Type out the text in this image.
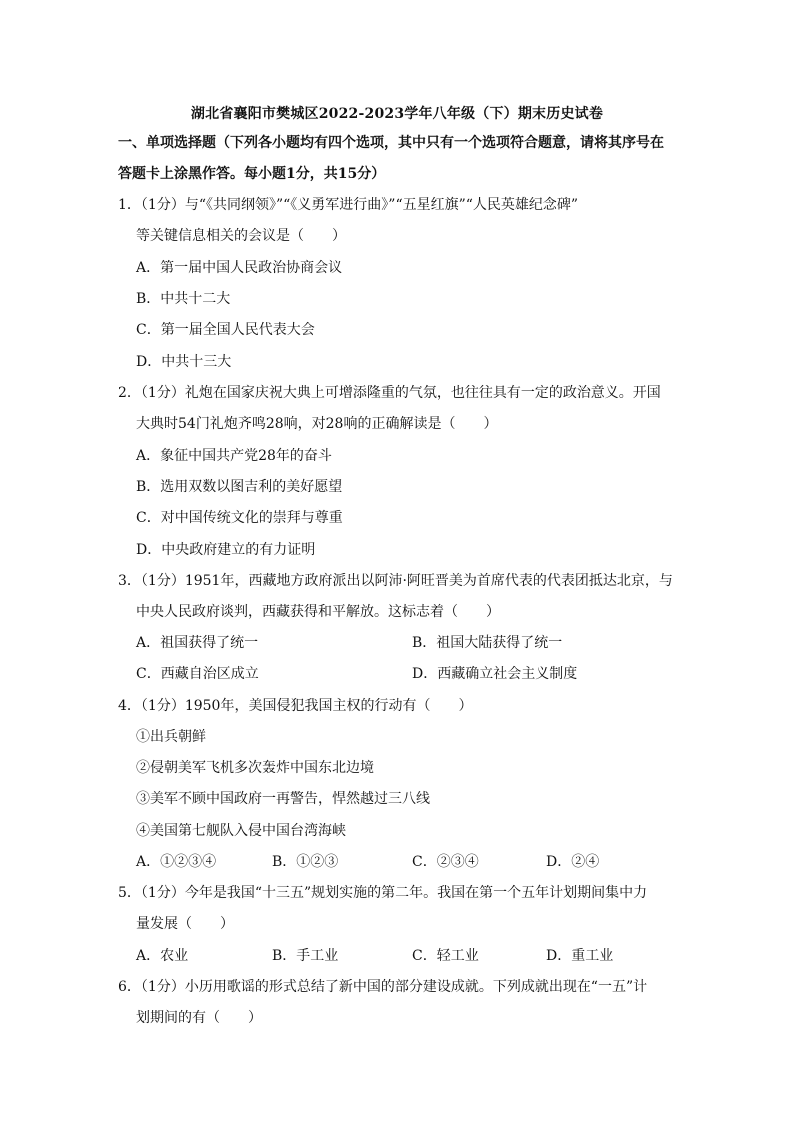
湖北省襄阳市樊城区2022-2023学年八年级（下）期末历史试卷
一、单项选择题（下列各小题均有四个选项，其中只有一个选项符合题意，请将其序号在
答题卡上涂黑作答。每小题1分，共15分）
1．（1分）与“《共同纲领》”“《义勇军进行曲》”“五星红旗”“人民英雄纪念碑”
等关键信息相关的会议是（　　）
A．第一届中国人民政治协商会议
B．中共十二大
C．第一届全国人民代表大会
D．中共十三大
2．（1分）礼炮在国家庆祝大典上可增添隆重的气氛，也往往具有一定的政治意义。开国
大典时54门礼炮齐鸣28响，对28响的正确解读是（　　）
A．象征中国共产党28年的奋斗
B．选用双数以图吉利的美好愿望
C．对中国传统文化的崇拜与尊重
D．中央政府建立的有力证明
3．（1分）1951年，西藏地方政府派出以阿沛·阿旺晋美为首席代表的代表团抵达北京，与
中央人民政府谈判，西藏获得和平解放。这标志着（　　）
A．祖国获得了统一	B．祖国大陆获得了统一
C．西藏自治区成立	D．西藏确立社会主义制度
4．（1分）1950年，美国侵犯我国主权的行动有（　　）
①出兵朝鲜
②侵朝美军飞机多次轰炸中国东北边境
③美军不顾中国政府一再警告，悍然越过三八线
④美国第七舰队入侵中国台湾海峡
A．①②③④	B．①②③	C．②③④	D．②④
5．（1分）今年是我国“十三五”规划实施的第二年。我国在第一个五年计划期间集中力
量发展（　　）
A．农业	B．手工业	C．轻工业	D．重工业
6．（1分）小历用歌谣的形式总结了新中国的部分建设成就。下列成就出现在“一五”计
划期间的有（　　）
